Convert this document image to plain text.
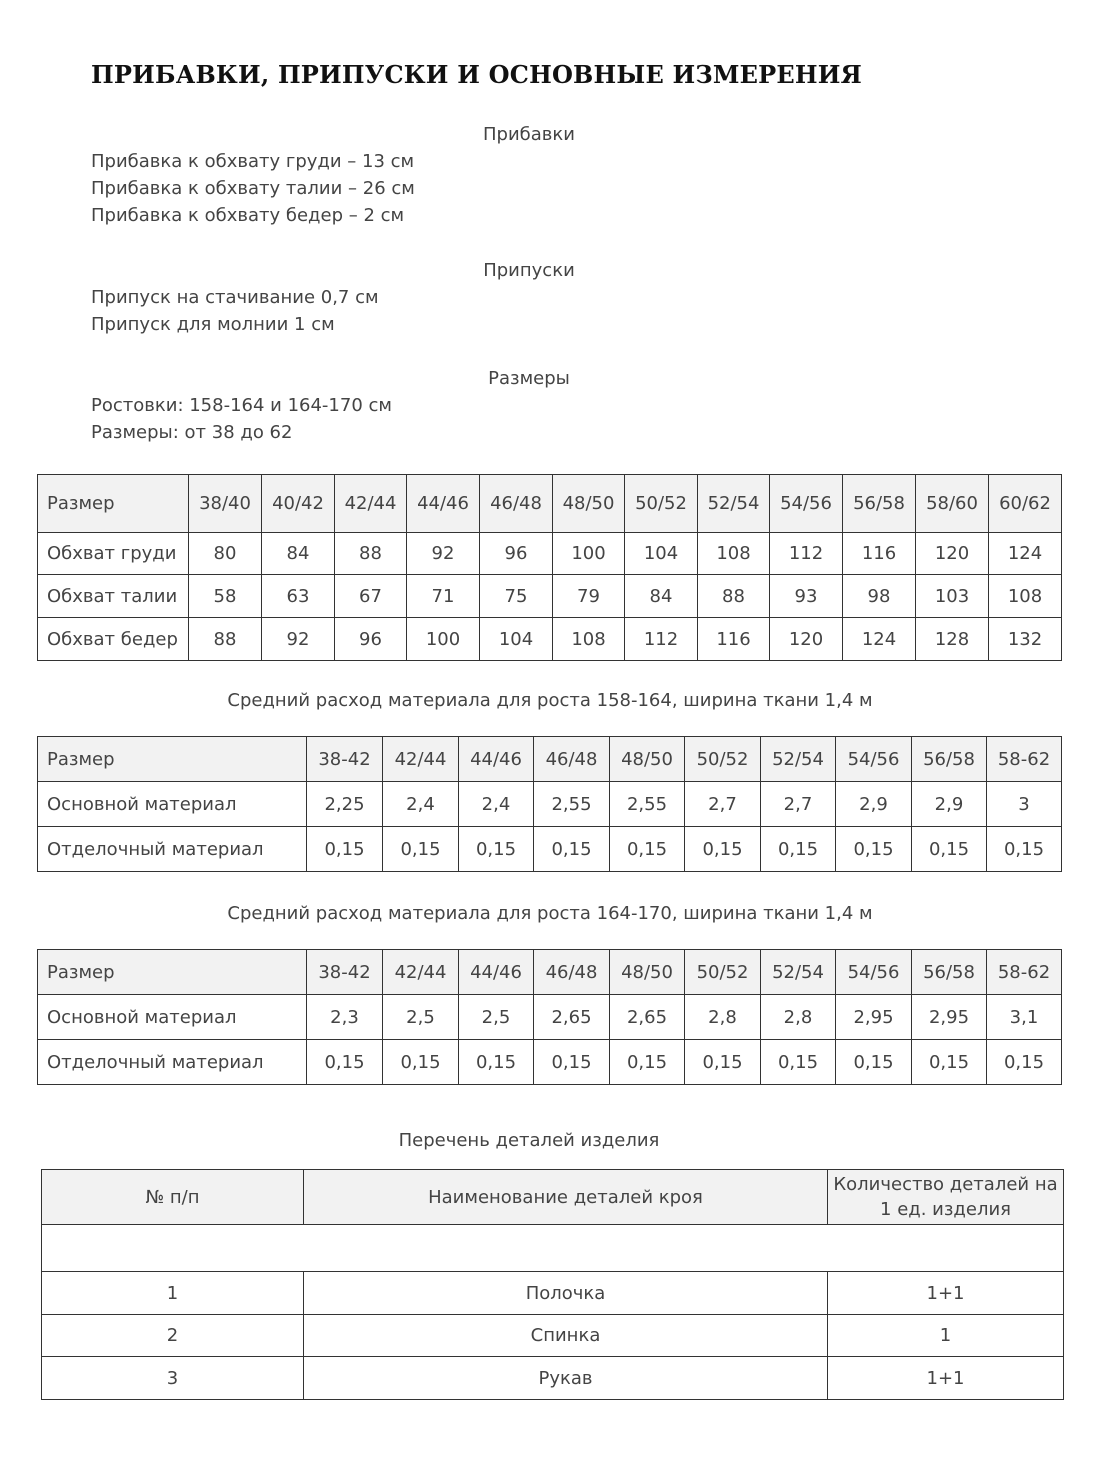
ПРИБАВКИ, ПРИПУСКИ И ОСНОВНЫЕ ИЗМЕРЕНИЯ
Прибавки
Прибавка к обхвату груди – 13 см
Прибавка к обхвату талии – 26 см
Прибавка к обхвату бедер – 2 см
Припуски
Припуск на стачивание 0,7 см
Припуск для молнии 1 см
Размеры
Ростовки: 158-164 и 164-170 см
Размеры: от 38 до 62
Размер	38/40	40/42	42/44	44/46	46/48	48/50	50/52	52/54	54/56	56/58	58/60	60/62
Обхват груди	80	84	88	92	96	100	104	108	112	116	120	124
Обхват талии	58	63	67	71	75	79	84	88	93	98	103	108
Обхват бедер	88	92	96	100	104	108	112	116	120	124	128	132
Средний расход материала для роста 158-164, ширина ткани 1,4 м
Размер	38-42	42/44	44/46	46/48	48/50	50/52	52/54	54/56	56/58	58-62
Основной материал	2,25	2,4	2,4	2,55	2,55	2,7	2,7	2,9	2,9	3
Отделочный материал	0,15	0,15	0,15	0,15	0,15	0,15	0,15	0,15	0,15	0,15
Средний расход материала для роста 164-170, ширина ткани 1,4 м
Размер	38-42	42/44	44/46	46/48	48/50	50/52	52/54	54/56	56/58	58-62
Основной материал	2,3	2,5	2,5	2,65	2,65	2,8	2,8	2,95	2,95	3,1
Отделочный материал	0,15	0,15	0,15	0,15	0,15	0,15	0,15	0,15	0,15	0,15
Перечень деталей изделия
№ п/п	Наименование деталей кроя	Количество деталей на 1 ед. изделия

1	Полочка	1+1
2	Спинка	1
3	Рукав	1+1
